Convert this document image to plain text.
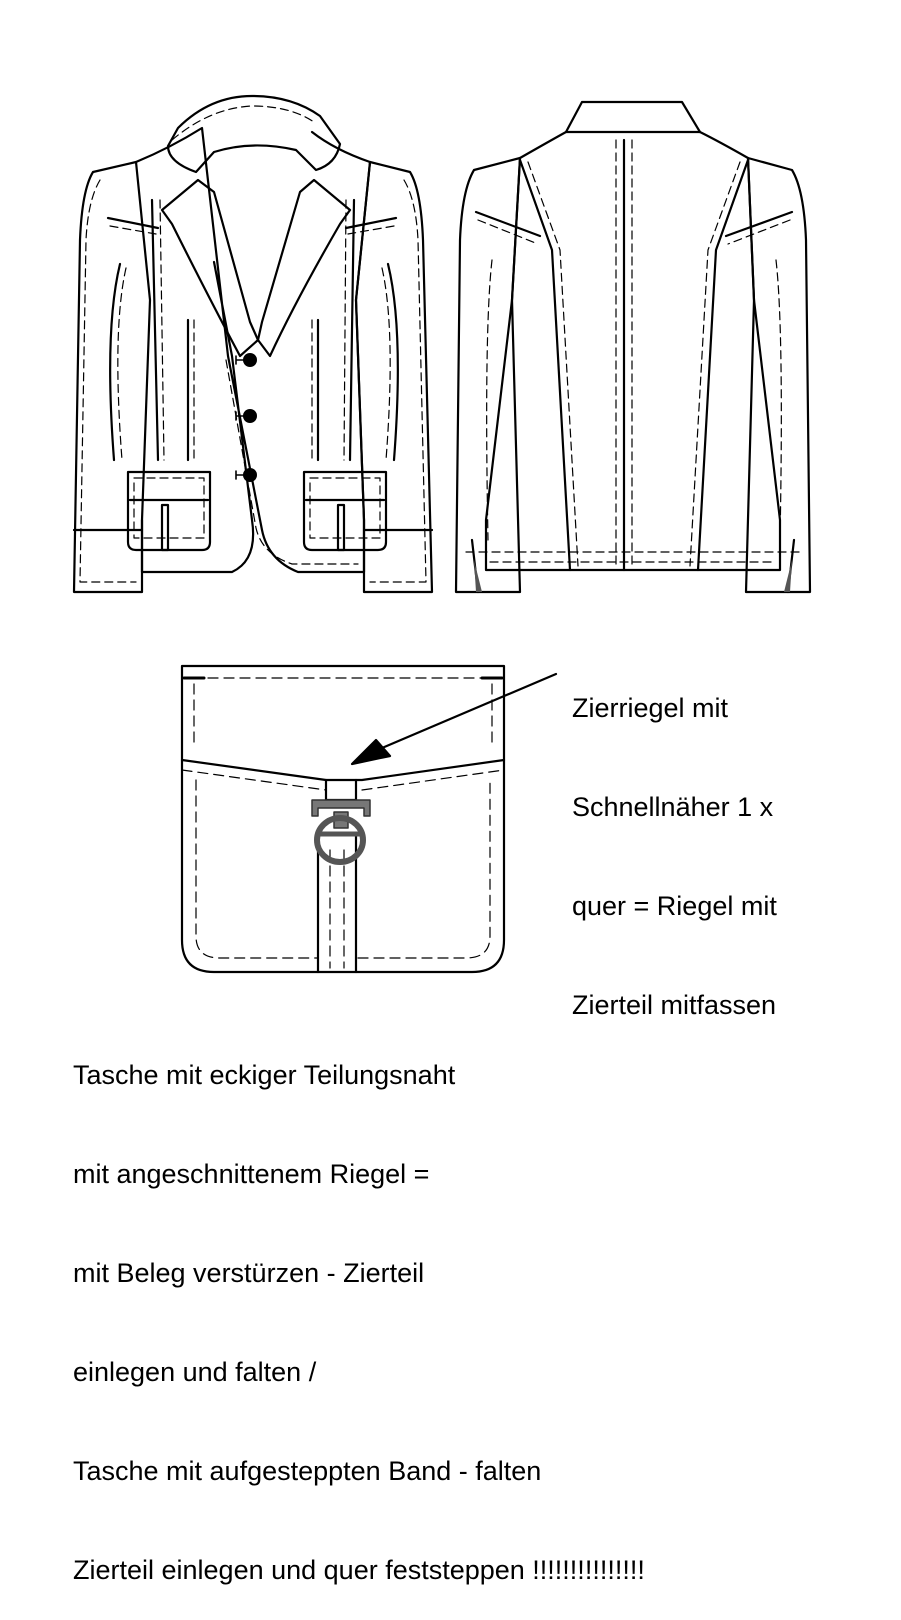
Zierriegel mit

Schnellnäher 1 x

quer = Riegel mit

Zierteil mitfassen

Tasche mit eckiger Teilungsnaht

mit angeschnittenem Riegel =

mit Beleg verstürzen - Zierteil

einlegen und falten /

Tasche mit aufgesteppten Band - falten

Zierteil einlegen und quer feststeppen !!!!!!!!!!!!!!!
